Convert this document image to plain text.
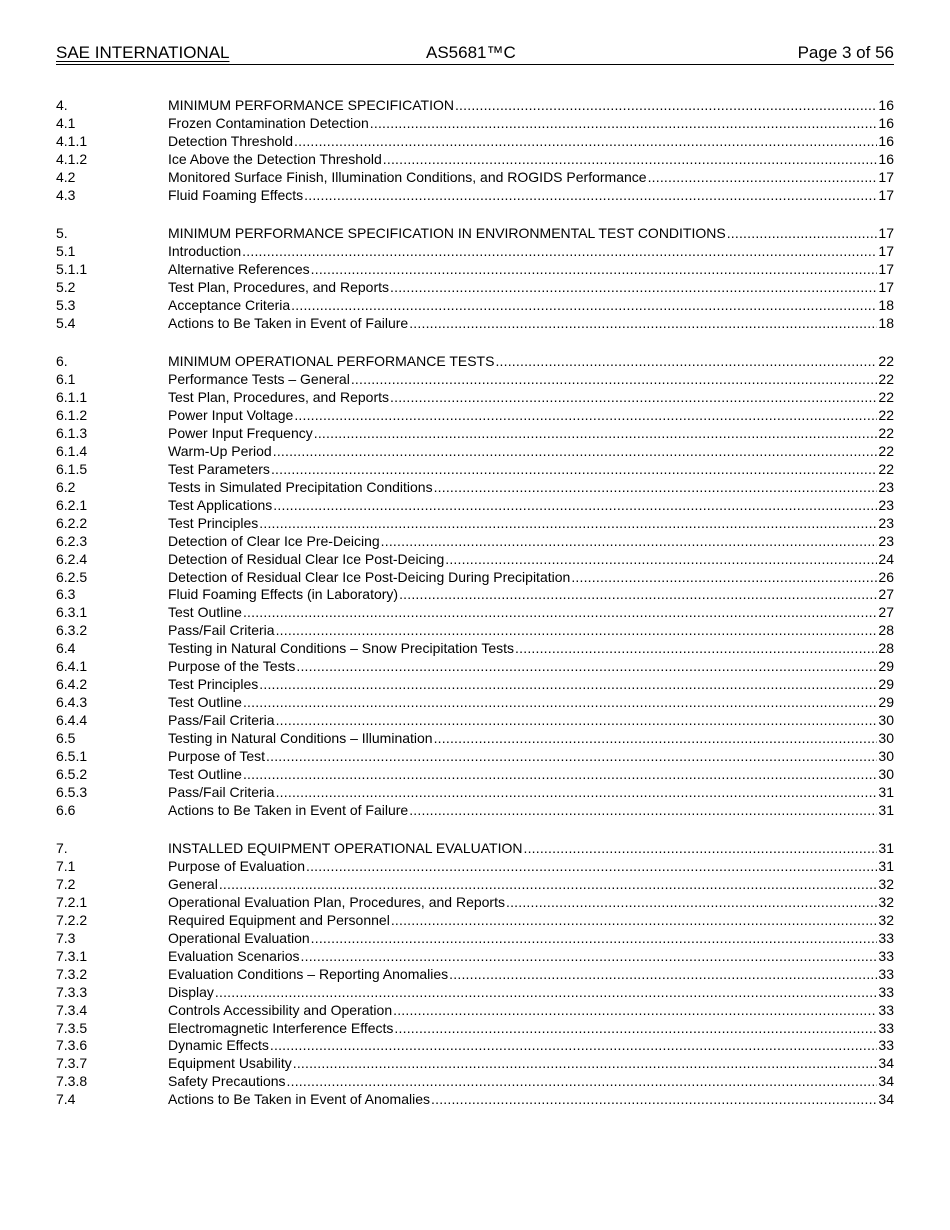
SAE INTERNATIONAL	AS5681™C	Page 3 of 56
4.	MINIMUM PERFORMANCE SPECIFICATION .....	16
4.1	Frozen Contamination Detection .....	16
4.1.1	Detection Threshold .....	16
4.1.2	Ice Above the Detection Threshold .....	16
4.2	Monitored Surface Finish, Illumination Conditions, and ROGIDS Performance .....	17
4.3	Fluid Foaming Effects .....	17
5.	MINIMUM PERFORMANCE SPECIFICATION IN ENVIRONMENTAL TEST CONDITIONS .....	17
5.1	Introduction .....	17
5.1.1	Alternative References .....	17
5.2	Test Plan, Procedures, and Reports .....	17
5.3	Acceptance Criteria .....	18
5.4	Actions to Be Taken in Event of Failure .....	18
6.	MINIMUM OPERATIONAL PERFORMANCE TESTS .....	22
6.1	Performance Tests – General .....	22
6.1.1	Test Plan, Procedures, and Reports .....	22
6.1.2	Power Input Voltage .....	22
6.1.3	Power Input Frequency .....	22
6.1.4	Warm-Up Period .....	22
6.1.5	Test Parameters .....	22
6.2	Tests in Simulated Precipitation Conditions .....	23
6.2.1	Test Applications .....	23
6.2.2	Test Principles .....	23
6.2.3	Detection of Clear Ice Pre-Deicing .....	23
6.2.4	Detection of Residual Clear Ice Post-Deicing .....	24
6.2.5	Detection of Residual Clear Ice Post-Deicing During Precipitation .....	26
6.3	Fluid Foaming Effects (in Laboratory) .....	27
6.3.1	Test Outline .....	27
6.3.2	Pass/Fail Criteria .....	28
6.4	Testing in Natural Conditions – Snow Precipitation Tests .....	28
6.4.1	Purpose of the Tests .....	29
6.4.2	Test Principles .....	29
6.4.3	Test Outline .....	29
6.4.4	Pass/Fail Criteria .....	30
6.5	Testing in Natural Conditions – Illumination .....	30
6.5.1	Purpose of Test .....	30
6.5.2	Test Outline .....	30
6.5.3	Pass/Fail Criteria .....	31
6.6	Actions to Be Taken in Event of Failure .....	31
7.	INSTALLED EQUIPMENT OPERATIONAL EVALUATION .....	31
7.1	Purpose of Evaluation .....	31
7.2	General .....	32
7.2.1	Operational Evaluation Plan, Procedures, and Reports .....	32
7.2.2	Required Equipment and Personnel .....	32
7.3	Operational Evaluation .....	33
7.3.1	Evaluation Scenarios .....	33
7.3.2	Evaluation Conditions – Reporting Anomalies .....	33
7.3.3	Display .....	33
7.3.4	Controls Accessibility and Operation .....	33
7.3.5	Electromagnetic Interference Effects .....	33
7.3.6	Dynamic Effects .....	33
7.3.7	Equipment Usability .....	34
7.3.8	Safety Precautions .....	34
7.4	Actions to Be Taken in Event of Anomalies .....	34
